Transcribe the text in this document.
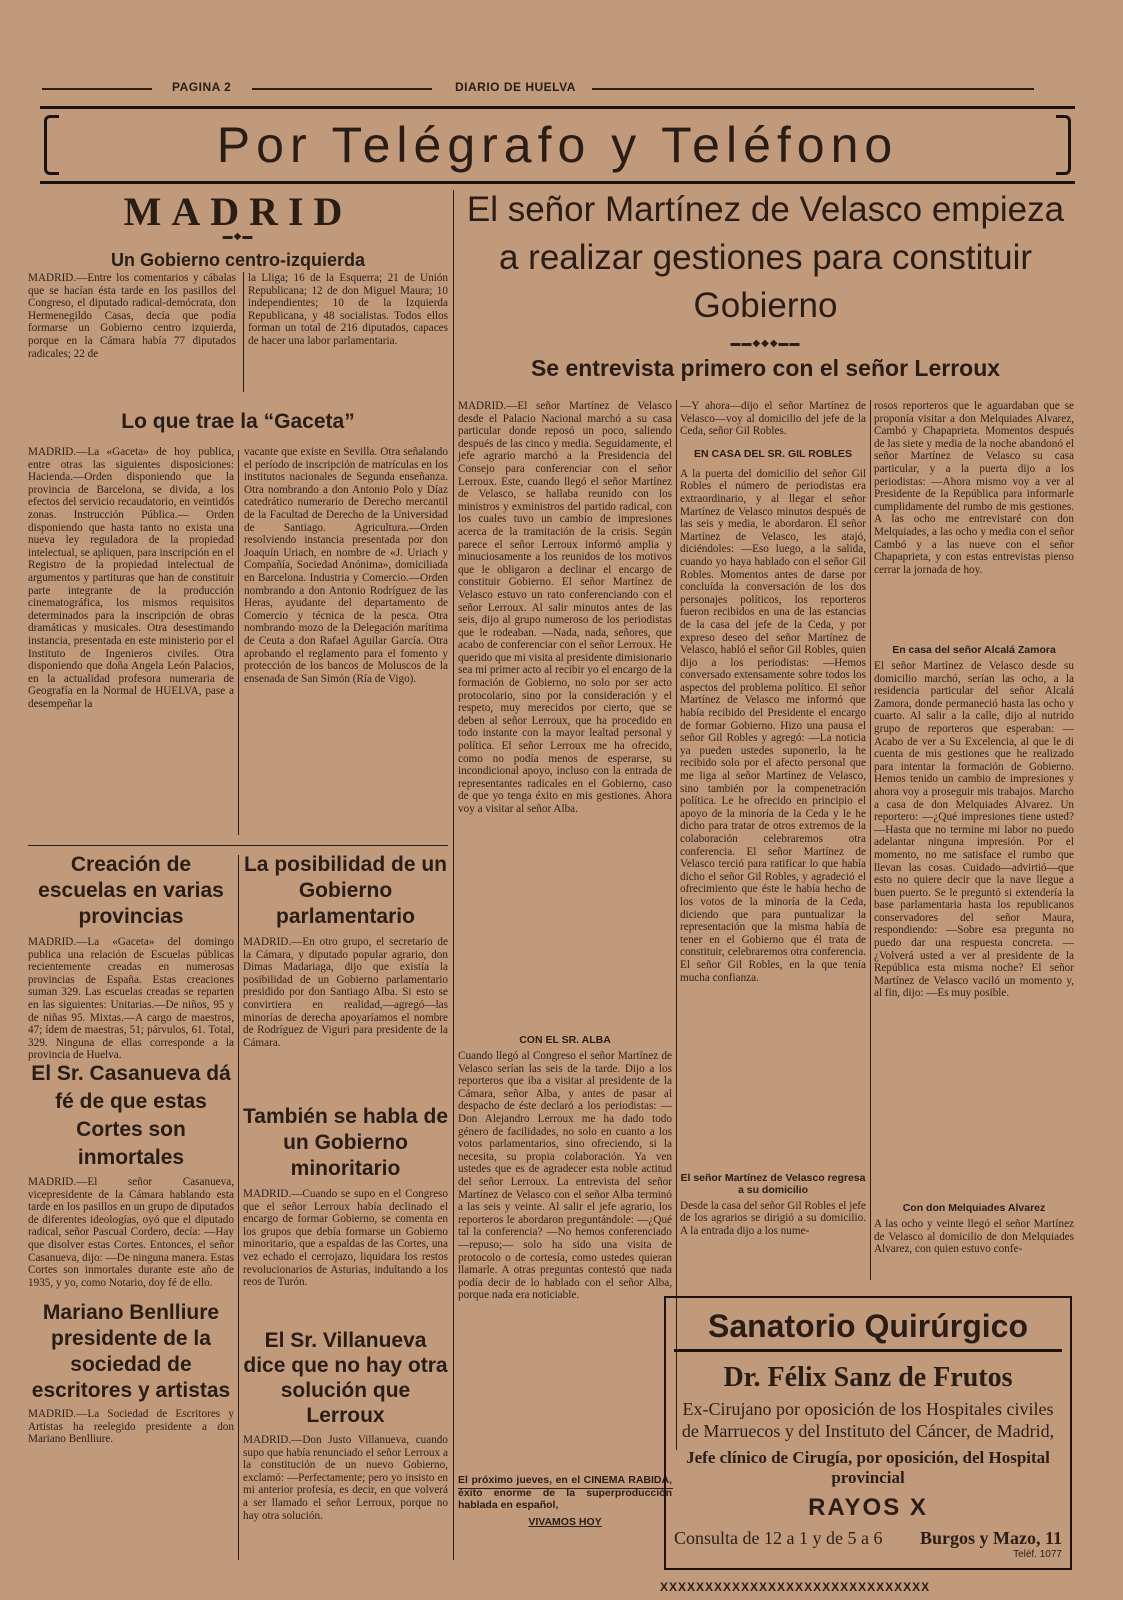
PAGINA 2	DIARIO DE HUELVA
Por Telégrafo y Teléfono
MADRID
▬◆▬
Un Gobierno centro-izquierda

MADRID.—Entre los comentarios y cábalas que se hacían ésta tarde en los pasillos del Congreso, el diputado radical-demócrata, don Hermenegildo Casas, decía que podía formarse un Gobierno centro izquierda, porque en la Cámara había 77 diputados radicales; 22 de

la Lliga; 16 de la Esquerra; 21 de Unión Republicana; 12 de don Miguel Maura; 10 independientes; 10 de la Izquierda Republicana, y 48 socialistas. Todos ellos forman un total de 216 diputados, capaces de hacer una labor parlamentaria.

Lo que trae la “Gaceta”

MADRID.—La «Gaceta» de hoy publica, entre otras las siguientes disposiciones: Hacienda.—Orden disponiendo que la provincia de Barcelona, se divida, a los efectos del servicio recaudatorio, en veintidós zonas. Instrucción Pública.— Orden disponiendo que hasta tanto no exista una nueva ley reguladora de la propiedad intelectual, se apliquen, para inscripción en el Registro de la propiedad intelectual de argumentos y partituras que han de constituir parte integrante de la producción cinematográfica, los mismos requisitos determinados para la inscripción de obras dramáticas y musicales. Otra desestimando instancia, presentada en este ministerio por el Instituto de Ingenieros civiles. Otra disponiendo que doña Angela León Palacios, en la actualidad profesora numeraria de Geografía en la Normal de HUELVA, pase a desempeñar la

vacante que existe en Sevilla. Otra señalando el período de inscripción de matrículas en los institutos nacionales de Segunda enseñanza. Otra nombrando a don Antonio Polo y Díaz catedrático numerario de Derecho mercantil de la Facultad de Derecho de la Universidad de Santiago. Agricultura.—Orden resolviendo instancia presentada por don Joaquín Uriach, en nombre de «J. Uriach y Compañía, Sociedad Anónima», domiciliada en Barcelona. Industria y Comercio.—Orden nombrando a don Antonio Rodríguez de las Heras, ayudante del departamento de Comercio y técnica de la pesca. Otra nombrando mozo de la Delegación marítima de Ceuta a don Rafael Aguilar García. Otra aprobando el reglamento para el fomento y protección de los bancos de Moluscos de la ensenada de San Simón (Ría de Vigo).

Creación de escuelas en varias provincias

MADRID.—La «Gaceta» del domingo publica una relación de Escuelas públicas recientemente creadas en numerosas provincias de España. Estas creaciones suman 329. Las escuelas creadas se reparten en las siguientes: Unitarias.—De niños, 95 y de niñas 95. Mixtas.—A cargo de maestros, 47; ídem de maestras, 51; párvulos, 61. Total, 329. Ninguna de ellas corresponde a la provincia de Huelva.

El Sr. Casanueva dá fé de que estas Cortes son inmortales

MADRID.—El señor Casanueva, vicepresidente de la Cámara hablando esta tarde en los pasillos en un grupo de diputados de diferentes ideologías, oyó que el diputado radical, señor Pascual Cordero, decía: —Hay que disolver estas Cortes. Entonces, el señor Casanueva, dijo: —De ninguna manera. Estas Cortes son inmortales durante este año de 1935, y yo, como Notario, doy fé de ello.

Mariano Benlliure presidente de la sociedad de escritores y artistas

MADRID.—La Sociedad de Escritores y Artistas ha reelegido presidente a don Mariano Benlliure.

La posibilidad de un Gobierno parlamentario

MADRID.—En otro grupo, el secretario de la Cámara, y diputado popular agrario, don Dimas Madariaga, dijo que existía la posibilidad de un Gobierno parlamentario presidido por don Santiago Alba. Si esto se convirtiera en realidad,—agregó—las minorías de derecha apoyaríamos el nombre de Rodríguez de Viguri para presidente de la Cámara.

También se habla de un Gobierno minoritario

MADRID.—Cuando se supo en el Congreso que el señor Lerroux había declinado el encargo de formar Gobierno, se comenta en los grupos que debía formarse un Gobierno minoritario, que a espaldas de las Cortes, una vez echado el cerrojazo, liquidara los restos revolucionarios de Asturias, indultando a los reos de Turón.

El Sr. Villanueva dice que no hay otra solución que Lerroux

MADRID.—Don Justo Villanueva, cuando supo que había renunciado el señor Lerroux a la constitución de un nuevo Gobierno, exclamó: —Perfectamente; pero yo insisto en mi anterior profesía, es decir, en que volverá a ser llamado el señor Lerroux, porque no hay otra solución.

El señor Martínez de Velasco empieza a realizar gestiones para constituir Gobierno
▬▬◆◆◆▬▬
Se entrevista primero con el señor Lerroux

MADRID.—El señor Martínez de Velasco desde el Palacio Nacional marchó a su casa particular donde reposó un poco, saliendo después de las cinco y media. Seguidamente, el jefe agrario marchó a la Presidencia del Consejo para conferenciar con el señor Lerroux. Este, cuando llegó el señor Martínez de Velasco, se hallaba reunido con los ministros y exministros del partido radical, con los cuales tuvo un cambio de impresiones acerca de la tramitación de la crisis. Según parece el señor Lerroux informó amplia y minuciosamente a los reunidos de los motivos que le obligaron a declinar el encargo de constituir Gobierno. El señor Martínez de Velasco estuvo un rato conferenciando con el señor Lerroux. Al salir minutos antes de las seis, dijo al grupo numeroso de los periodistas que le rodeaban. —Nada, nada, señores, que acabo de conferenciar con el señor Lerroux. He querido que mi visita al presidente dimisionario sea mi primer acto al recibir yo el encargo de la formación de Gobierno, no solo por ser acto protocolario, sino por la consideración y el respeto, muy merecidos por cierto, que se deben al señor Lerroux, que ha procedido en todo instante con la mayor lealtad personal y política. El señor Lerroux me ha ofrecido, como no podía menos de esperarse, su incondicional apoyo, incluso con la entrada de representantes radicales en el Gobierno, caso de que yo tenga éxito en mis gestiones. Ahora voy a visitar al señor Alba.

CON EL SR. ALBA

Cuando llegó al Congreso el señor Martínez de Velasco serían las seis de la tarde. Dijo a los reporteros que iba a visitar al presidente de la Cámara, señor Alba, y antes de pasar al despacho de éste declaró a los periodistas: —Don Alejandro Lerroux me ha dado todo género de facilidades, no solo en cuanto a los votos parlamentarios, sino ofreciendo, si la necesita, su propia colaboración. Ya ven ustedes que es de agradecer esta noble actitud del señor Lerroux. La entrevista del señor Martínez de Velasco con el señor Alba terminó a las seis y veinte. Al salir el jefe agrario, los reporteros le abordaron preguntándole: —¿Qué tal la conferencia? —No hemos conferenciado—repuso;— solo ha sido una visita de protocolo o de cortesía, como ustedes quieran llamarle. A otras preguntas contestó que nada podía decir de lo hablado con el señor Alba, porque nada era noticiable.

El próximo jueves, en el CINEMA RABIDA, éxito enorme de la superproducción hablada en español,

VIVAMOS HOY

—Y ahora—dijo el señor Martínez de Velasco—voy al domicilio del jefe de la Ceda, señor Gil Robles.

EN CASA DEL SR. GIL ROBLES

A la puerta del domicilio del señor Gil Robles el número de periodistas era extraordinario, y al llegar el señor Martínez de Velasco minutos después de las seis y media, le abordaron. El señor Martínez de Velasco, les atajó, diciéndoles: —Eso luego, a la salida, cuando yo haya hablado con el señor Gil Robles. Momentos antes de darse por concluída la conversación de los dos personajes políticos, los reporteros fueron recibidos en una de las estancias de la casa del jefe de la Ceda, y por expreso deseo del señor Martínez de Velasco, habló el señor Gil Robles, quien dijo a los periodistas: —Hemos conversado extensamente sobre todos los aspectos del problema político. El señor Martínez de Velasco me informó que había recibido del Presidente el encargo de formar Gobierno. Hizo una pausa el señor Gil Robles y agregó: —La noticia ya pueden ustedes suponerlo, la he recibido solo por el afecto personal que me liga al señor Martínez de Velasco, sino también por la compenetración política. Le he ofrecido en principio el apoyo de la minoría de la Ceda y le he dicho para tratar de otros extremos de la colaboración celebraremos otra conferencia. El señor Martínez de Velasco terció para ratificar lo que había dicho el señor Gil Robles, y agradeció el ofrecimiento que éste le había hecho de los votos de la minoría de la Ceda, diciendo que para puntualizar la representación que la misma había de tener en el Gobierno que él trata de constituir, celebraremos otra conferencia. El señor Gil Robles, en la que tenía mucha confianza.

El señor Martínez de Velasco regresa a su domicilio

Desde la casa del señor Gil Robles el jefe de los agrarios se dirigió a su domicilio. A la entrada dijo a los nume-

rosos reporteros que le aguardaban que se proponía visitar a don Melquiades Alvarez, Cambó y Chapaprieta. Momentos después de las siete y media de la noche abandonó el señor Martínez de Velasco su casa particular, y a la puerta dijo a los periodistas: —Ahora mismo voy a ver al Presidente de la República para informarle cumplidamente del rumbo de mis gestiones. A las ocho me entrevistaré con don Melquiades, a las ocho y media con el señor Cambó y a las nueve con el señor Chapaprieta, y con estas entrevistas pienso cerrar la jornada de hoy.

En casa del señor Alcalá Zamora

El señor Martínez de Velasco desde su domicilio marchó, serían las ocho, a la residencia particular del señor Alcalá Zamora, donde permaneció hasta las ocho y cuarto. Al salir a la calle, dijo al nutrido grupo de reporteros que esperaban: —Acabo de ver a Su Excelencia, al que le di cuenta de mis gestiones que he realizado para intentar la formación de Gobierno. Hemos tenido un cambio de impresiones y ahora voy a proseguir mis trabajos. Marcho a casa de don Melquiades Alvarez. Un reportero: —¿Qué impresiones tiene usted? —Hasta que no termine mi labor no puedo adelantar ninguna impresión. Por el momento, no me satisface el rumbo que llevan las cosas. Cuidado—advirtió—que esto no quiere decir que la nave llegue a buen puerto. Se le preguntó si extendería la base parlamentaria hasta los republicanos conservadores del señor Maura, respondiendo: —Sobre esa pregunta no puedo dar una respuesta concreta. —¿Volverá usted a ver al presidente de la República esta misma noche? El señor Martínez de Velasco vaciló un momento y, al fin, dijo: —Es muy posible.

Con don Melquiades Alvarez

A las ocho y veinte llegó el señor Martínez de Velasco al domicilio de don Melquiades Alvarez, con quien estuvo confe-

Sanatorio Quirúrgico

Dr. Félix Sanz de Frutos

Ex-Cirujano por oposición de los Hospitales civiles

de Marruecos y del Instituto del Cáncer, de Madrid,

Jefe clínico de Cirugía, por oposición, del Hospital provincial

RAYOS X

Consulta de 12 a 1 y de 5 a 6 Burgos y Mazo, 11
Teléf. 1077
XXXXXXXXXXXXXXXXXXXXXXXXXXXXXX
